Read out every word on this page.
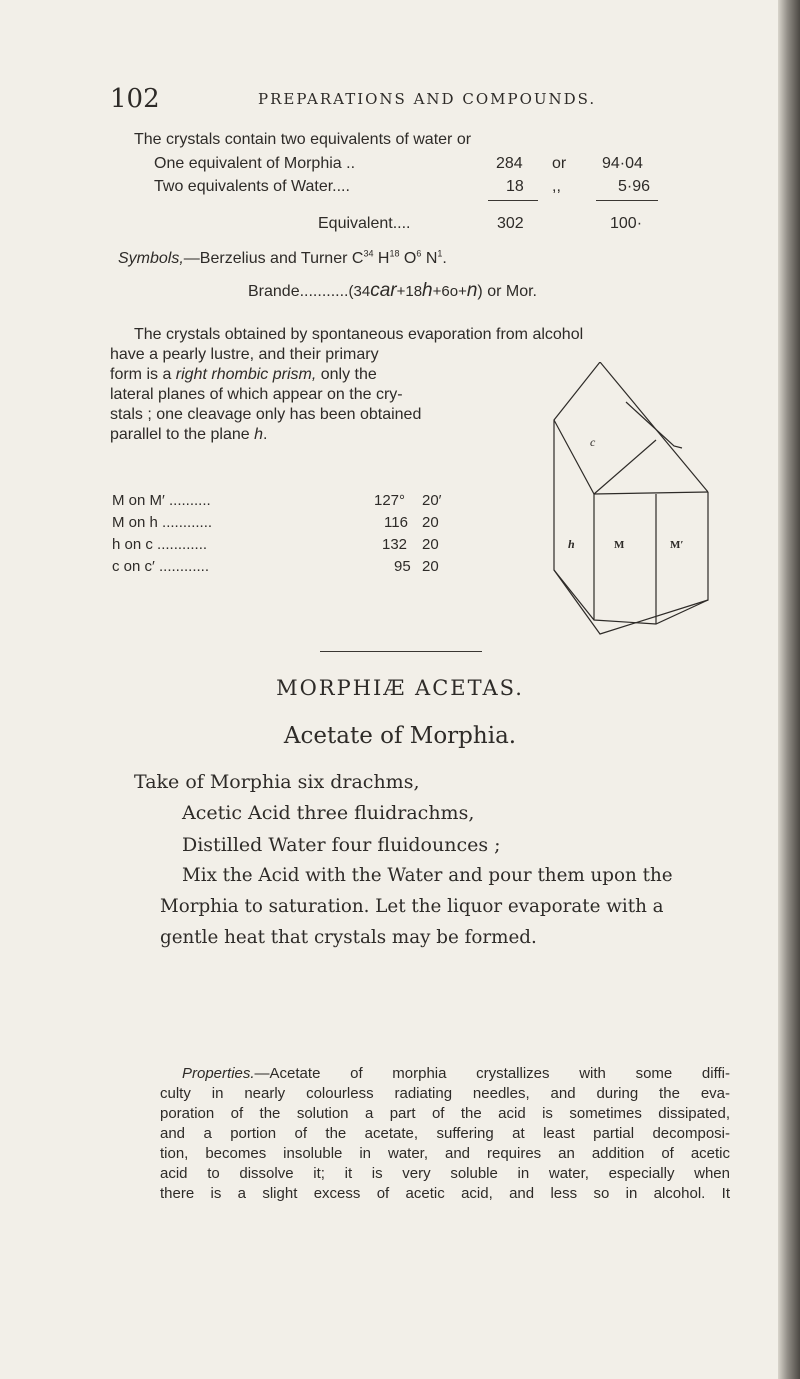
102	PREPARATIONS AND COMPOUNDS.
The crystals contain two equivalents of water or
One equivalent of Morphia ..	284 or 94·04
Two equivalents of Water....	18 ,,	5·96
Equivalent....	302	100·
Symbols,—Berzelius and Turner $C^{34}$ $H^{18}$ $O^6$ $N^1$.
Brande...........(34car+18h+6o+n) or Mor.
The crystals obtained by spontaneous evaporation from alcohol
have a pearly lustre, and their primary
form is a right rhombic prism, only the
lateral planes of which appear on the cry-
stals ; one cleavage only has been obtained
parallel to the plane h.
M on M′ ..........	127° 20′
M on h ............	116 20
h on c ............	132 20
c on c′ ............	95 20
c
h	M	M′
MORPHIÆ ACETAS.
Acetate of Morphia.
Take of Morphia six drachms,
Acetic Acid three fluidrachms,
Distilled Water four fluidounces ;
Mix the Acid with the Water and pour them upon the
Morphia to saturation. Let the liquor evaporate with a
gentle heat that crystals may be formed.
Properties.—Acetate of morphia crystallizes with some diffi-
culty in nearly colourless radiating needles, and during the eva-
poration of the solution a part of the acid is sometimes dissipated,
and a portion of the acetate, suffering at least partial decomposi-
tion, becomes insoluble in water, and requires an addition of acetic
acid to dissolve it; it is very soluble in water, especially when
there is a slight excess of acetic acid, and less so in alcohol. It
